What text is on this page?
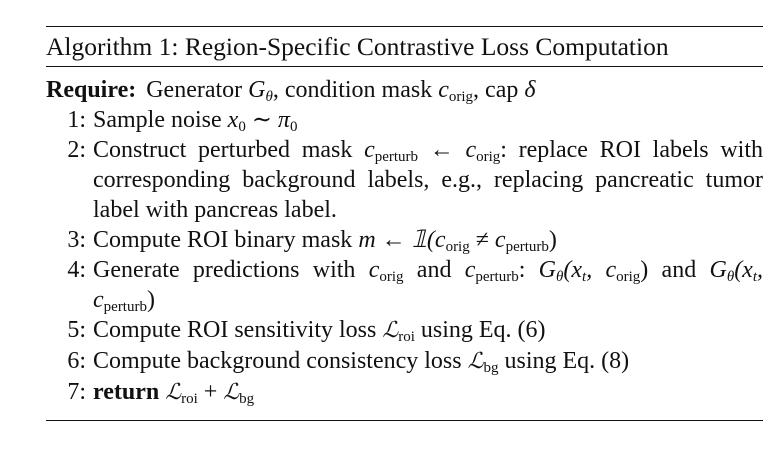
Algorithm 1: Region-Specific Contrastive Loss Computation
Require: Generator $G_\theta$, condition mask $c_{orig}$, cap δ
1: Sample noise $x_0$ ∼ $\pi_0$
2: Construct perturbed mask $c_{perturb}$ ← $c_{orig}$: replace ROI labels with corresponding background labels, e.g., replacing pancreatic tumor label with pancreas label.
3: Compute ROI binary mask m ← $𝟙(c_{orig} \ne c_{perturb})$
4: Generate predictions with $c_{orig}$ and $c_{perturb}$: $G_\theta(x_t$, $c_{orig}$) and $G_\theta(x_t$, $c_{perturb}$)
5: Compute ROI sensitivity loss ℒ$_{roi}$ using Eq. (6)
6: Compute background consistency loss ℒ$_{bg}$ using Eq. (8)
7: return ℒ$_{roi}$ + ℒ$_{bg}$
